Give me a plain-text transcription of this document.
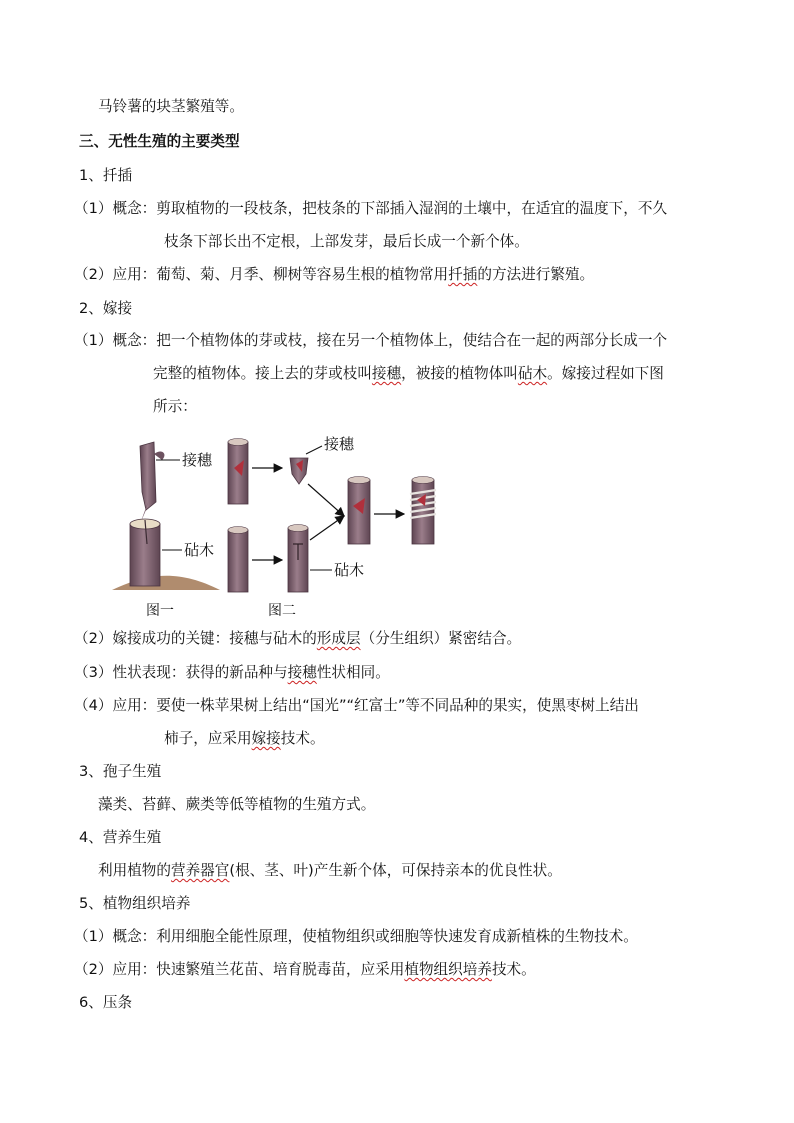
马铃薯的块茎繁殖等。
三、无性生殖的主要类型
1、扦插
（1）概念：剪取植物的一段枝条，把枝条的下部插入湿润的土壤中，在适宜的温度下，不久
枝条下部长出不定根，上部发芽，最后长成一个新个体。
（2）应用：葡萄、菊、月季、柳树等容易生根的植物常用扦插的方法进行繁殖。
2、嫁接
（1）概念：把一个植物体的芽或枝，接在另一个植物体上，使结合在一起的两部分长成一个
完整的植物体。接上去的芽或枝叫接穗，被接的植物体叫砧木。嫁接过程如下图
所示：
接穗
砧木
图一
接穗
砧木
图二
（2）嫁接成功的关键：接穗与砧木的形成层（分生组织）紧密结合。
（3）性状表现：获得的新品种与接穗性状相同。
（4）应用：要使一株苹果树上结出“国光”“红富士”等不同品种的果实，使黑枣树上结出
柿子，应采用嫁接技术。
3、孢子生殖
藻类、苔藓、蕨类等低等植物的生殖方式。
4、营养生殖
利用植物的营养器官(根、茎、叶)产生新个体，可保持亲本的优良性状。
5、植物组织培养
（1）概念：利用细胞全能性原理，使植物组织或细胞等快速发育成新植株的生物技术。
（2）应用：快速繁殖兰花苗、培育脱毒苗，应采用植物组织培养技术。
6、压条
